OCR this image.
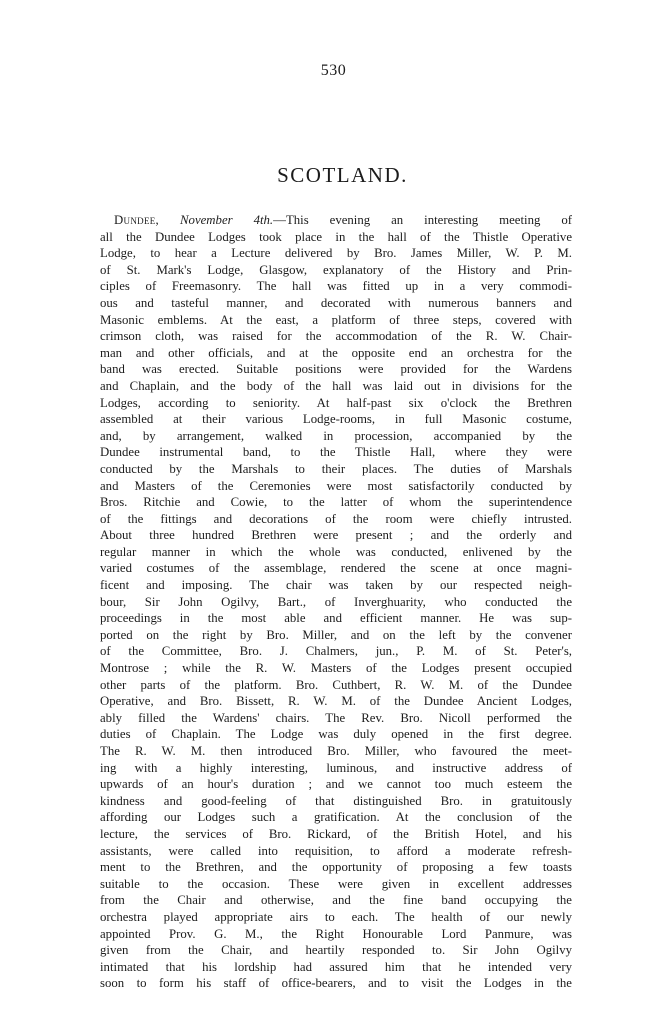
530
SCOTLAND.
Dundee, November 4th.—This evening an interesting meeting of
all the Dundee Lodges took place in the hall of the Thistle Operative
Lodge, to hear a Lecture delivered by Bro. James Miller, W. P. M.
of St. Mark's Lodge, Glasgow, explanatory of the History and Prin-
ciples of Freemasonry. The hall was fitted up in a very commodi-
ous and tasteful manner, and decorated with numerous banners and
Masonic emblems. At the east, a platform of three steps, covered with
crimson cloth, was raised for the accommodation of the R. W. Chair-
man and other officials, and at the opposite end an orchestra for the
band was erected. Suitable positions were provided for the Wardens
and Chaplain, and the body of the hall was laid out in divisions for the
Lodges, according to seniority. At half-past six o'clock the Brethren
assembled at their various Lodge-rooms, in full Masonic costume,
and, by arrangement, walked in procession, accompanied by the
Dundee instrumental band, to the Thistle Hall, where they were
conducted by the Marshals to their places. The duties of Marshals
and Masters of the Ceremonies were most satisfactorily conducted by
Bros. Ritchie and Cowie, to the latter of whom the superintendence
of the fittings and decorations of the room were chiefly intrusted.
About three hundred Brethren were present ; and the orderly and
regular manner in which the whole was conducted, enlivened by the
varied costumes of the assemblage, rendered the scene at once magni-
ficent and imposing. The chair was taken by our respected neigh-
bour, Sir John Ogilvy, Bart., of Inverghuarity, who conducted the
proceedings in the most able and efficient manner. He was sup-
ported on the right by Bro. Miller, and on the left by the convener
of the Committee, Bro. J. Chalmers, jun., P. M. of St. Peter's,
Montrose ; while the R. W. Masters of the Lodges present occupied
other parts of the platform. Bro. Cuthbert, R. W. M. of the Dundee
Operative, and Bro. Bissett, R. W. M. of the Dundee Ancient Lodges,
ably filled the Wardens' chairs. The Rev. Bro. Nicoll performed the
duties of Chaplain. The Lodge was duly opened in the first degree.
The R. W. M. then introduced Bro. Miller, who favoured the meet-
ing with a highly interesting, luminous, and instructive address of
upwards of an hour's duration ; and we cannot too much esteem the
kindness and good-feeling of that distinguished Bro. in gratuitously
affording our Lodges such a gratification. At the conclusion of the
lecture, the services of Bro. Rickard, of the British Hotel, and his
assistants, were called into requisition, to afford a moderate refresh-
ment to the Brethren, and the opportunity of proposing a few toasts
suitable to the occasion. These were given in excellent addresses
from the Chair and otherwise, and the fine band occupying the
orchestra played appropriate airs to each. The health of our newly
appointed Prov. G. M., the Right Honourable Lord Panmure, was
given from the Chair, and heartily responded to. Sir John Ogilvy
intimated that his lordship had assured him that he intended very
soon to form his staff of office-bearers, and to visit the Lodges in the
